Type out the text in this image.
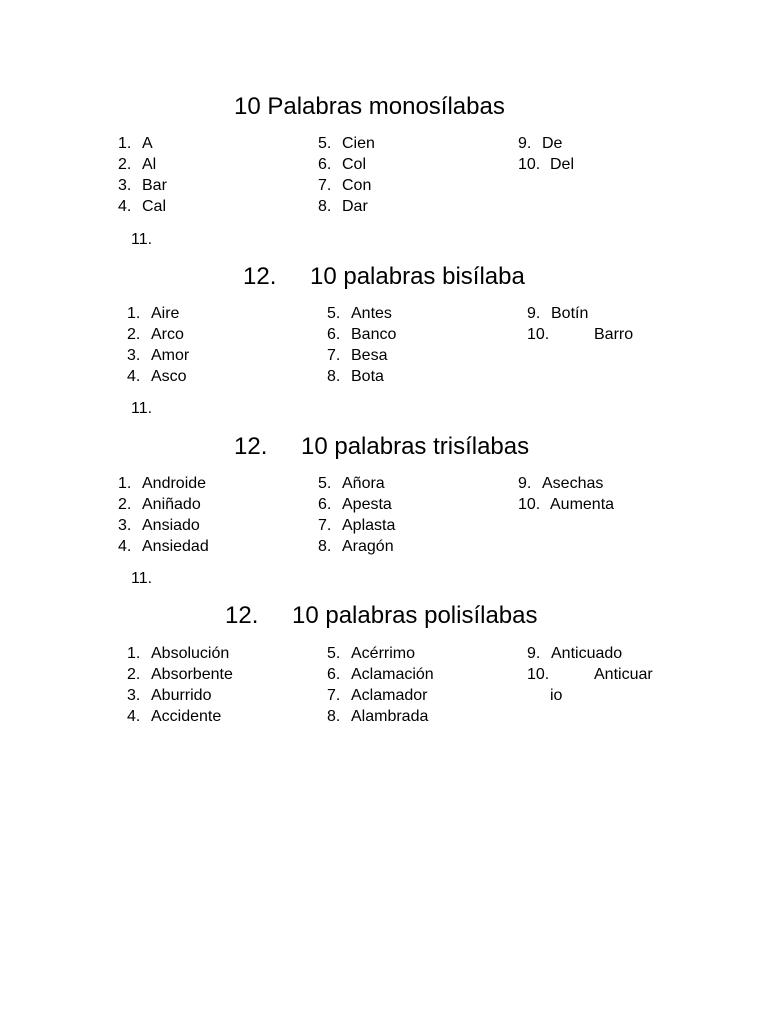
10 Palabras monosílabas
1. A
2. Al
3. Bar
4. Cal
5. Cien
6. Col
7. Con
8. Dar
9. De
10. Del
11.
12. 10 palabras bisílaba
1. Aire
2. Arco
3. Amor
4. Asco
5. Antes
6. Banco
7. Besa
8. Bota
9. Botín
10.	Barro
11.
12. 10 palabras trisílabas
1. Androide
2. Aniñado
3. Ansiado
4. Ansiedad
5. Añora
6. Apesta
7. Aplasta
8. Aragón
9. Asechas
10. Aumenta
11.
12. 10 palabras polisílabas
1. Absolución
2. Absorbente
3. Aburrido
4. Accidente
5. Acérrimo
6. Aclamación
7. Aclamador
8. Alambrada
9. Anticuado
10.	Anticuar
io
